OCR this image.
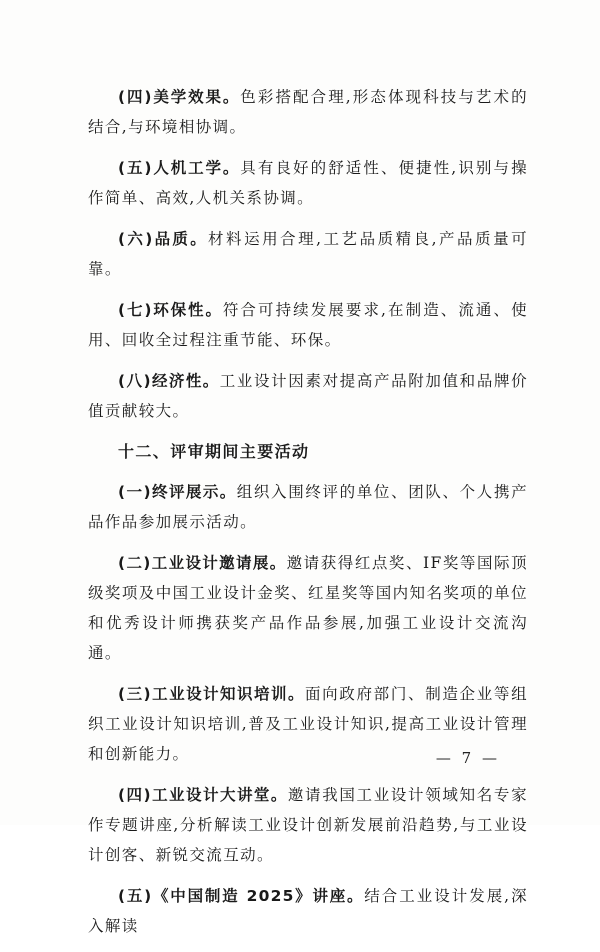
(四)美学效果。色彩搭配合理,形态体现科技与艺术的结合,与环境相协调。

(五)人机工学。具有良好的舒适性、便捷性,识别与操作简单、高效,人机关系协调。

(六)品质。材料运用合理,工艺品质精良,产品质量可靠。

(七)环保性。符合可持续发展要求,在制造、流通、使用、回收全过程注重节能、环保。

(八)经济性。工业设计因素对提高产品附加值和品牌价值贡献较大。

十二、评审期间主要活动

(一)终评展示。组织入围终评的单位、团队、个人携产品作品参加展示活动。

(二)工业设计邀请展。邀请获得红点奖、IF奖等国际顶级奖项及中国工业设计金奖、红星奖等国内知名奖项的单位和优秀设计师携获奖产品作品参展,加强工业设计交流沟通。

(三)工业设计知识培训。面向政府部门、制造企业等组织工业设计知识培训,普及工业设计知识,提高工业设计管理和创新能力。

(四)工业设计大讲堂。邀请我国工业设计领域知名专家作专题讲座,分析解读工业设计创新发展前沿趋势,与工业设计创客、新锐交流互动。

(五)《中国制造 2025》讲座。结合工业设计发展,深入解读

— 7 —
